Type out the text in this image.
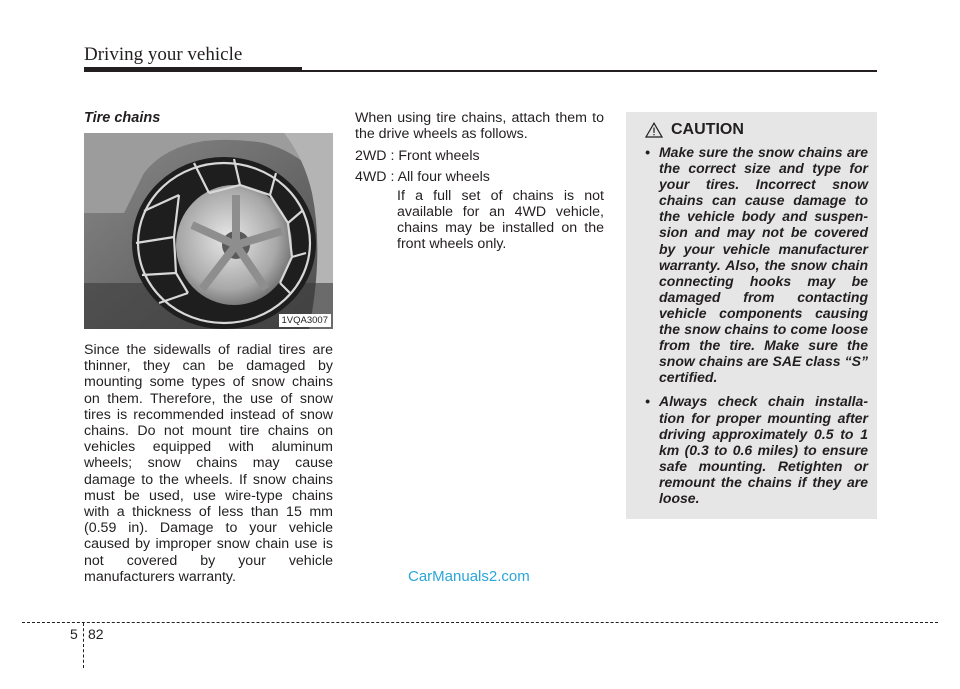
Driving your vehicle
Tire chains
1VQA3007
Since the sidewalls of radial tires are thinner, they can be damaged by mounting some types of snow chains on them. Therefore, the use of snow tires is recommended instead of snow chains. Do not mount tire chains on vehicles equipped with aluminum wheels; snow chains may cause damage to the wheels. If snow chains must be used, use wire-type chains with a thickness of less than 15 mm (0.59 in). Damage to your vehicle caused by improper snow chain use is not covered by your vehicle manufacturers warranty.

When using tire chains, attach them to the drive wheels as follows.

2WD : Front wheels

4WD : All four wheels

If a full set of chains is not available for an 4WD vehicle, chains may be installed on the front wheels only.

CAUTION
• Make sure the snow chains are the correct size and type for your tires. Incorrect snow chains can cause damage to the vehicle body and suspen-sion and may not be covered by your vehicle manufacturer warranty. Also, the snow chain connecting hooks may be damaged from contacting vehicle components causing the snow chains to come loose from the tire. Make sure the snow chains are SAE class “S” certified.
• Always check chain installa-tion for proper mounting after driving approximately 0.5 to 1 km (0.3 to 0.6 miles) to ensure safe mounting. Retighten or remount the chains if they are loose.
CarManuals2.com
5 82
